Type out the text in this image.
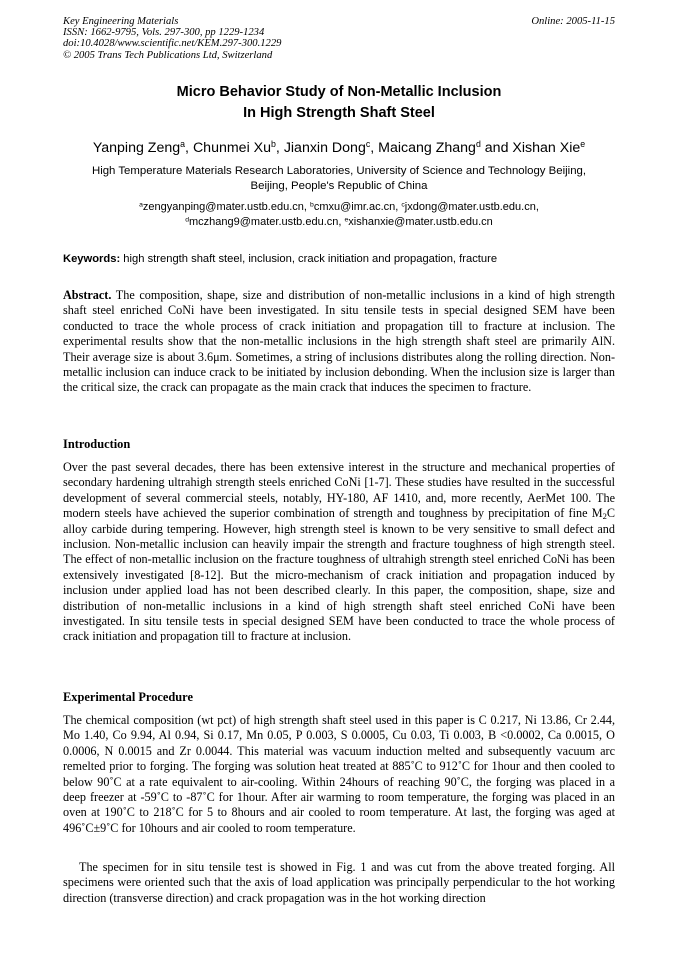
Key Engineering Materials
ISSN: 1662-9795, Vols. 297-300, pp 1229-1234
doi:10.4028/www.scientific.net/KEM.297-300.1229
© 2005 Trans Tech Publications Ltd, Switzerland
Online: 2005-11-15
Micro Behavior Study of Non-Metallic Inclusion
In High Strength Shaft Steel
Yanping Zeng$^a$, Chunmei Xu$^b$, Jianxin Dong$^c$, Maicang Zhang$^d$ and Xishan Xie$^e$
High Temperature Materials Research Laboratories, University of Science and Technology Beijing,
Beijing, People's Republic of China
$^a$zengyanping@mater.ustb.edu.cn, $^b$cmxu@imr.ac.cn, $^c$jxdong@mater.ustb.edu.cn,
$^d$mczhang9@mater.ustb.edu.cn, $^e$xishanxie@mater.ustb.edu.cn
Keywords: high strength shaft steel, inclusion, crack initiation and propagation, fracture
Abstract. The composition, shape, size and distribution of non-metallic inclusions in a kind of high strength shaft steel enriched CoNi have been investigated. In situ tensile tests in special designed SEM have been conducted to trace the whole process of crack initiation and propagation till to fracture at inclusion. The experimental results show that the non-metallic inclusions in the high strength shaft steel are primarily AlN. Their average size is about 3.6μm. Sometimes, a string of inclusions distributes along the rolling direction. Non-metallic inclusion can induce crack to be initiated by inclusion debonding. When the inclusion size is larger than the critical size, the crack can propagate as the main crack that induces the specimen to fracture.
Introduction
Over the past several decades, there has been extensive interest in the structure and mechanical properties of secondary hardening ultrahigh strength steels enriched CoNi [1-7]. These studies have resulted in the successful development of several commercial steels, notably, HY-180, AF 1410, and, more recently, AerMet 100. The modern steels have achieved the superior combination of strength and toughness by precipitation of fine $M_2C$ alloy carbide during tempering. However, high strength steel is known to be very sensitive to small defect and inclusion. Non-metallic inclusion can heavily impair the strength and fracture toughness of high strength steel. The effect of non-metallic inclusion on the fracture toughness of ultrahigh strength steel enriched CoNi has been extensively investigated [8-12]. But the micro-mechanism of crack initiation and propagation induced by inclusion under applied load has not been described clearly. In this paper, the composition, shape, size and distribution of non-metallic inclusions in a kind of high strength shaft steel enriched CoNi have been investigated. In situ tensile tests in special designed SEM have been conducted to trace the whole process of crack initiation and propagation till to fracture at inclusion.
Experimental Procedure
The chemical composition (wt pct) of high strength shaft steel used in this paper is C 0.217, Ni 13.86, Cr 2.44, Mo 1.40, Co 9.94, Al 0.94, Si 0.17, Mn 0.05, P 0.003, S 0.0005, Cu 0.03, Ti 0.003, B <0.0002, Ca 0.0015, O 0.0006, N 0.0015 and Zr 0.0044. This material was vacuum induction melted and subsequently vacuum arc remelted prior to forging. The forging was solution heat treated at 885˚C to 912˚C for 1hour and then cooled to below 90˚C at a rate equivalent to air-cooling. Within 24hours of reaching 90˚C, the forging was placed in a deep freezer at -59˚C to -87˚C for 1hour. After air warming to room temperature, the forging was placed in an oven at 190˚C to 218˚C for 5 to 8hours and air cooled to room temperature. At last, the forging was aged at 496˚C±9˚C for 10hours and air cooled to room temperature.
The specimen for in situ tensile test is showed in Fig. 1 and was cut from the above treated forging. All specimens were oriented such that the axis of load application was principally perpendicular to the hot working direction (transverse direction) and crack propagation was in the hot working direction
